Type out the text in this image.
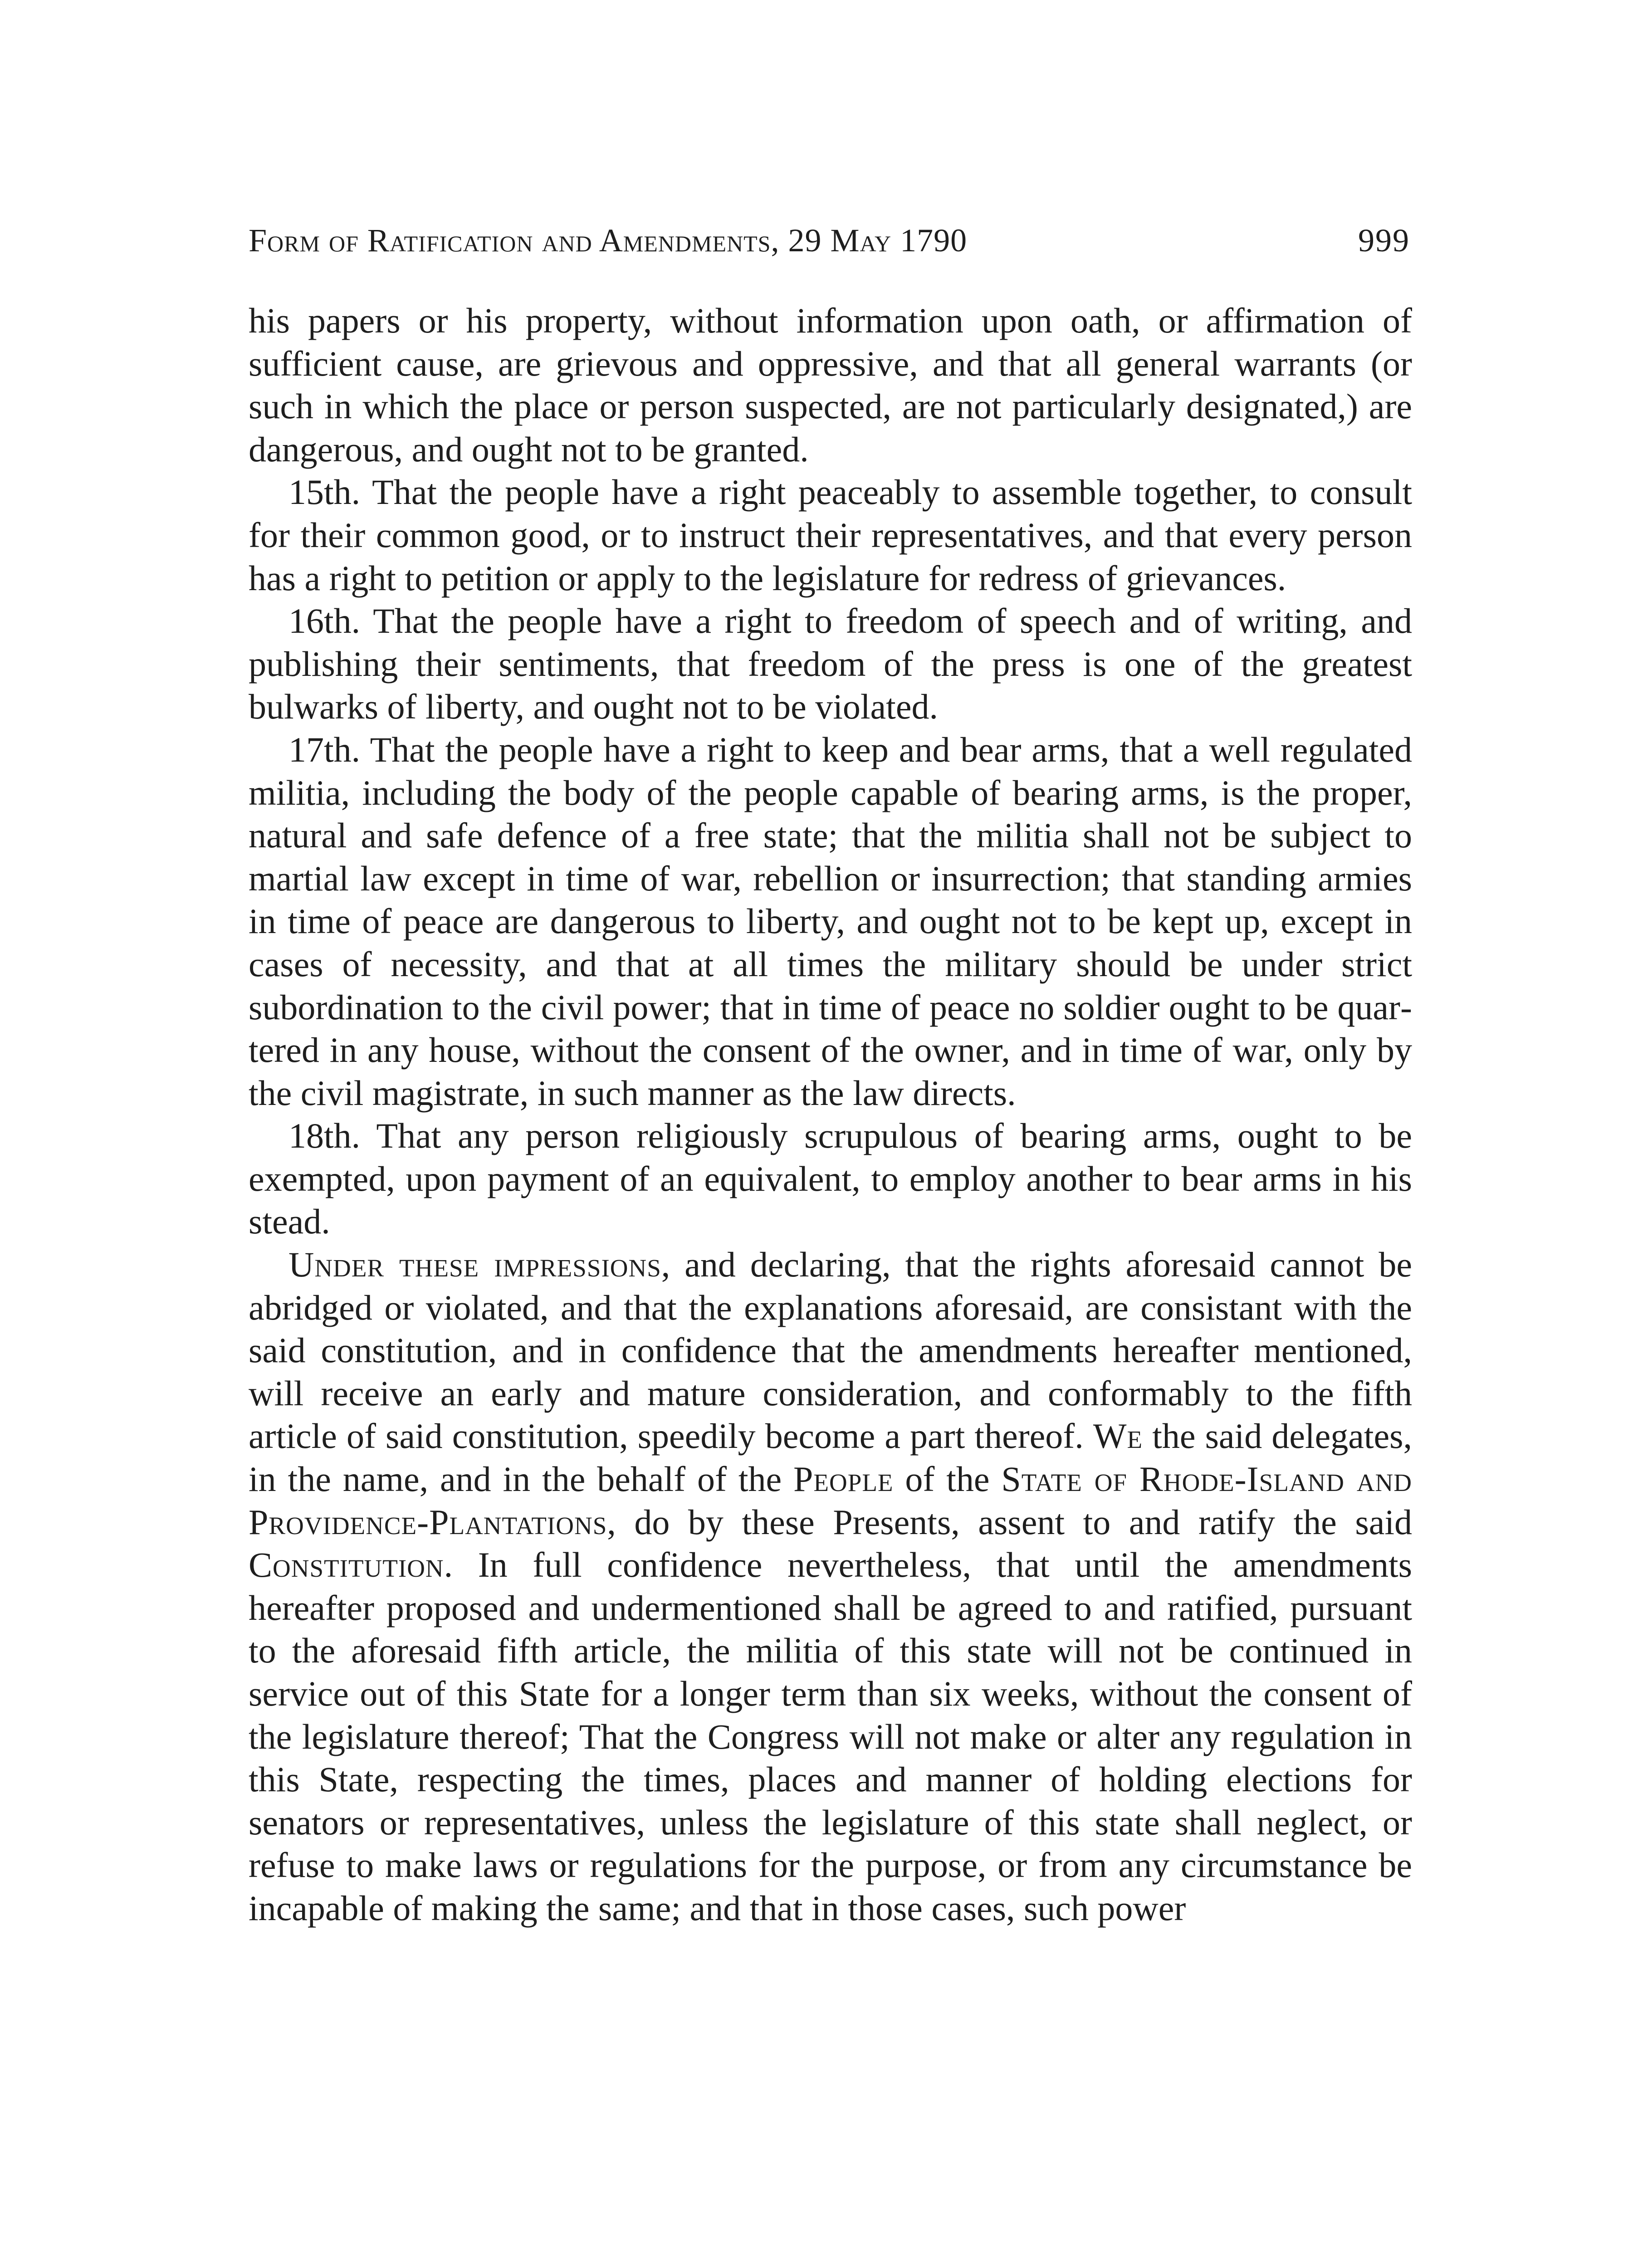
Form of Ratification and Amendments, 29 May 1790	999

his papers or his property, without information upon oath, or affirmation of sufficient cause, are grievous and oppressive, and that all general warrants (or such in which the place or person suspected, are not particularly designated,) are dangerous, and ought not to be granted.

15th. That the people have a right peaceably to assemble together, to consult for their common good, or to instruct their representatives, and that every person has a right to petition or apply to the legislature for redress of grievances.

16th. That the people have a right to freedom of speech and of writing, and publishing their sentiments, that freedom of the press is one of the greatest bulwarks of liberty, and ought not to be violated.

17th. That the people have a right to keep and bear arms, that a well regulated militia, including the body of the people capable of bearing arms, is the proper, natural and safe defence of a free state; that the militia shall not be subject to martial law except in time of war, rebellion or insurrection; that standing armies in time of peace are dangerous to liberty, and ought not to be kept up, except in cases of necessity, and that at all times the military should be under strict subordination to the civil power; that in time of peace no soldier ought to be quartered in any house, without the consent of the owner, and in time of war, only by the civil magistrate, in such manner as the law directs.

18th. That any person religiously scrupulous of bearing arms, ought to be exempted, upon payment of an equivalent, to employ another to bear arms in his stead.

Under these impressions, and declaring, that the rights aforesaid cannot be abridged or violated, and that the explanations aforesaid, are consistant with the said constitution, and in confidence that the amendments hereafter mentioned, will receive an early and mature consideration, and conformably to the fifth article of said constitution, speedily become a part thereof. We the said delegates, in the name, and in the behalf of the People of the State of Rhode-Island and Providence-Plantations, do by these Presents, assent to and ratify the said Constitution. In full confidence nevertheless, that until the amendments hereafter proposed and undermentioned shall be agreed to and ratified, pursuant to the aforesaid fifth article, the militia of this state will not be continued in service out of this State for a longer term than six weeks, without the consent of the legislature thereof; That the Congress will not make or alter any regulation in this State, respecting the times, places and manner of holding elections for senators or representatives, unless the legislature of this state shall neglect, or refuse to make laws or regulations for the purpose, or from any circumstance be incapable of making the same; and that in those cases, such power
